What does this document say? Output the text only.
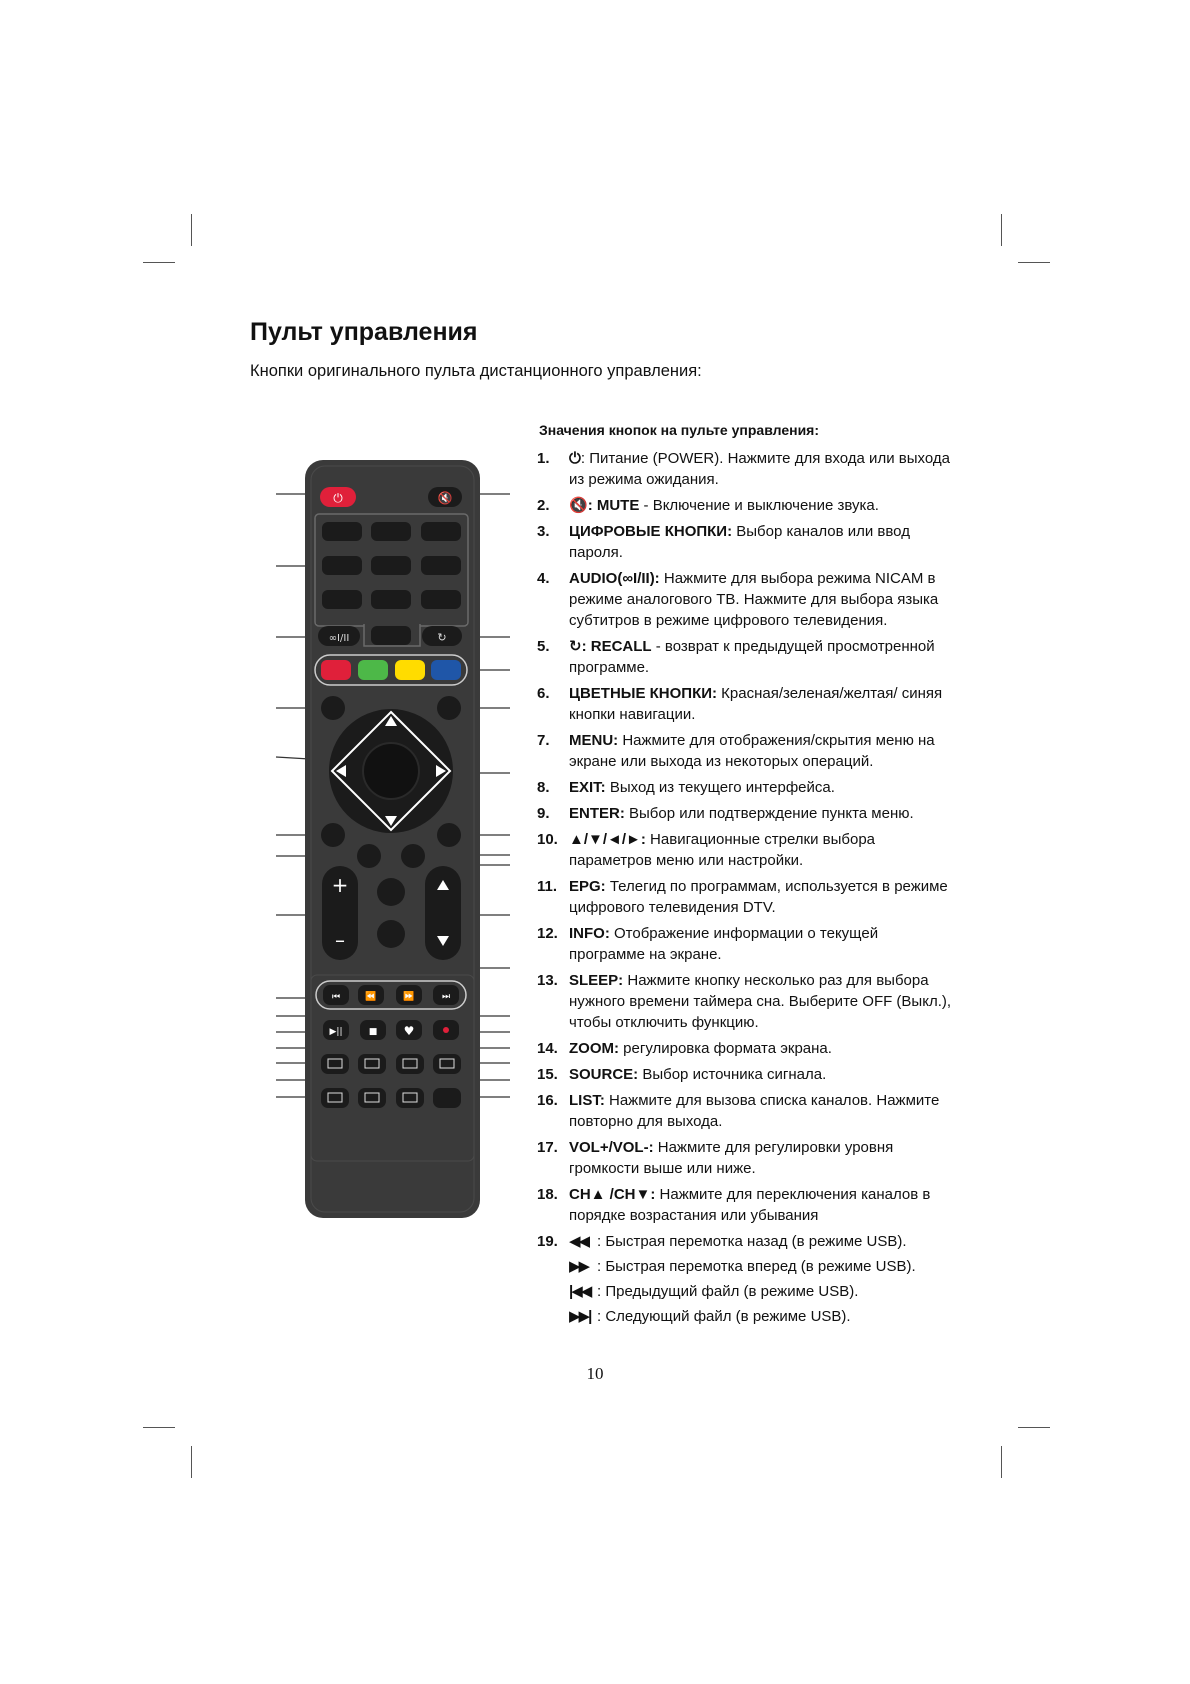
Пульт управления

Кнопки оригинального пульта дистанционного управления:

⏻	🔇
∞I/II	↻
+
–
⏮	⏪	⏩	⏭
▶||	■ ♥

Значения кнопок на пульте управления:

1.	⏻: Питание (POWER). Нажмите для входа или выхода из режима ожидания.
2.	🔇: MUTE - Включение и выключение звука.
3.	ЦИФРОВЫЕ КНОПКИ: Выбор каналов или ввод пароля.
4.	AUDIO(∞I/II): Нажмите для выбора режима NICAM в режиме аналогового ТВ. Нажмите для выбора языка субтитров в режиме цифрового телевидения.
5.	↻: RECALL - возврат к предыдущей просмотренной программе.
6.	ЦВЕТНЫЕ КНОПКИ: Красная/зеленая/желтая/ синяя кнопки навигации.
7.	MENU: Нажмите для отображения/скрытия меню на экране или выхода из некоторых операций.
8.	EXIT: Выход из текущего интерфейса.
9.	ENTER: Выбор или подтверждение пункта меню.
10. ▲/▼/◄/►: Навигационные стрелки выбора параметров меню или настройки.
11. EPG: Телегид по программам, используется в режиме цифрового телевидения DTV.
12. INFO: Отображение информации о текущей программе на экране.
13. SLEEP: Нажмите кнопку несколько раз для выбора нужного времени таймера сна. Выберите OFF (Выкл.), чтобы отключить функцию.
14. ZOOM: регулировка формата экрана.
15. SOURCE: Выбор источника сигнала.
16. LIST: Нажмите для вызова списка каналов. Нажмите повторно для выхода.
17. VOL+/VOL-: Нажмите для регулировки уровня громкости выше или ниже.
18. CH▲ /CH▼: Нажмите для переключения каналов в порядке возрастания или убывания
19. ◀◀ : Быстрая перемотка назад (в режиме USB).
▶▶ : Быстрая перемотка вперед (в режиме USB).
|◀◀ : Предыдущий файл (в режиме USB).
▶▶| : Следующий файл (в режиме USB).
10
